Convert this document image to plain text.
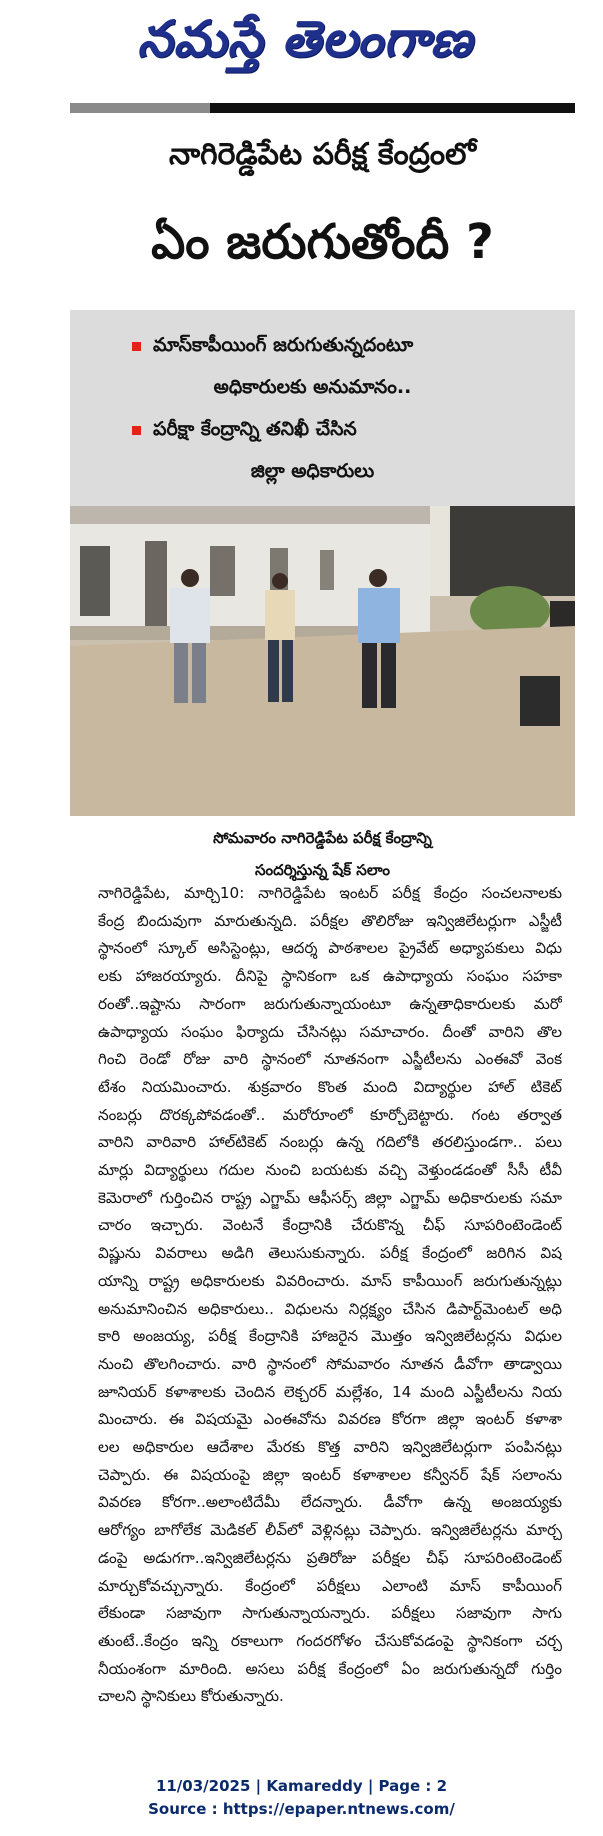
నమస్తే తెలంగాణ
నాగిరెడ్డిపేట పరీక్ష కేంద్రంలో
ఏం జరుగుతోందీ ?
మాస్‌కాపీయింగ్ జరుగుతున్నదంటూ
అధికారులకు అనుమానం..
పరీక్షా కేంద్రాన్ని తనిఖీ చేసిన
జిల్లా అధికారులు
సోమవారం నాగిరెడ్డిపేట పరీక్ష కేంద్రాన్ని
సందర్శిస్తున్న షేక్ సలాం

నాగిరెడ్డిపేట, మార్చి10: నాగిరెడ్డిపేట ఇంటర్ పరీక్ష కేంద్రం సంచలనాలకు

కేంద్ర బిందువుగా మారుతున్నది. పరీక్షల తొలిరోజు ఇన్విజిలేటర్లుగా ఎస్జీటీ

స్థానంలో స్కూల్ అసిస్టెంట్లు, ఆదర్శ పాఠశాలల ప్రైవేట్ అధ్యాపకులు విధు

లకు హాజరయ్యారు. దీనిపై స్థానికంగా ఒక ఉపాధ్యాయ సంఘం సహకా

రంతో..ఇష్టాను సారంగా జరుగుతున్నాయంటూ ఉన్నతాధికారులకు మరో

ఉపాధ్యాయ సంఘం ఫిర్యాదు చేసినట్లు సమాచారం. దీంతో వారిని తొల

గించి రెండో రోజు వారి స్థానంలో నూతనంగా ఎస్జీటీలను ఎంఈవో వెంక

టేశం నియమించారు. శుక్రవారం కొంత మంది విద్యార్థుల హాల్ టికెట్

నంబర్లు దొరక్కపోవడంతో.. మరోరూంలో కూర్చోబెట్టారు. గంట తర్వాత

వారిని వారివారి హాల్‌టికెట్ నంబర్లు ఉన్న గదిలోకి తరలిస్తుండగా.. పలు

మార్లు విద్యార్థులు గదుల నుంచి బయటకు వచ్చి వెళ్తుండడంతో సీసీ టీవీ

కెమెరాలో గుర్తించిన రాష్ట్ర ఎగ్జామ్ ఆఫీసర్స్ జిల్లా ఎగ్జామ్ అధికారులకు సమా

చారం ఇచ్చారు. వెంటనే కేంద్రానికి చేరుకొన్న చీఫ్ సూపరింటెండెంట్

విష్ణును వివరాలు అడిగి తెలుసుకున్నారు. పరీక్ష కేంద్రంలో జరిగిన విష

యాన్ని రాష్ట్ర అధికారులకు వివరించారు. మాస్ కాపీయింగ్ జరుగుతున్నట్లు

అనుమానించిన అధికారులు.. విధులను నిర్లక్ష్యం చేసిన డిపార్ట్‌మెంటల్ అధి

కారి అంజయ్య, పరీక్ష కేంద్రానికి హాజరైన మొత్తం ఇన్విజిలేటర్లను విధుల

నుంచి తొలగించారు. వారి స్థానంలో సోమవారం నూతన డీవోగా తాడ్వాయి

జూనియర్ కళాశాలకు చెందిన లెక్చరర్ మల్లేశం, 14 మంది ఎస్జీటీలను నియ

మించారు. ఈ విషయమై ఎంఈవోను వివరణ కోరగా జిల్లా ఇంటర్ కళాశా

లల అధికారుల ఆదేశాల మేరకు కొత్త వారిని ఇన్విజిలేటర్లుగా పంపినట్లు

చెప్పారు. ఈ విషయంపై జిల్లా ఇంటర్ కళాశాలల కన్వీనర్ షేక్ సలాంను

వివరణ కోరగా..అలాంటిదేమీ లేదన్నారు. డీవోగా ఉన్న అంజయ్యకు

ఆరోగ్యం బాగోలేక మెడికల్ లీవ్‌లో వెళ్లినట్లు చెప్పారు. ఇన్విజిలేటర్లను మార్చ

డంపై అడుగగా..ఇన్విజిలేటర్లను ప్రతిరోజు పరీక్షల చీఫ్ సూపరింటెండెంట్

మార్చుకోవచ్చున్నారు. కేంద్రంలో పరీక్షలు ఎలాంటి మాస్ కాపీయింగ్

లేకుండా సజావుగా సాగుతున్నాయన్నారు. పరీక్షలు సజావుగా సాగు

తుంటే..కేంద్రం ఇన్ని రకాలుగా గందరగోళం చేసుకోవడంపై స్థానికంగా చర్చ

నీయంశంగా మారింది. అసలు పరీక్ష కేంద్రంలో ఏం జరుగుతున్నదో గుర్తిం

చాలని స్థానికులు కోరుతున్నారు.

11/03/2025 | Kamareddy | Page : 2
Source : https://epaper.ntnews.com/
